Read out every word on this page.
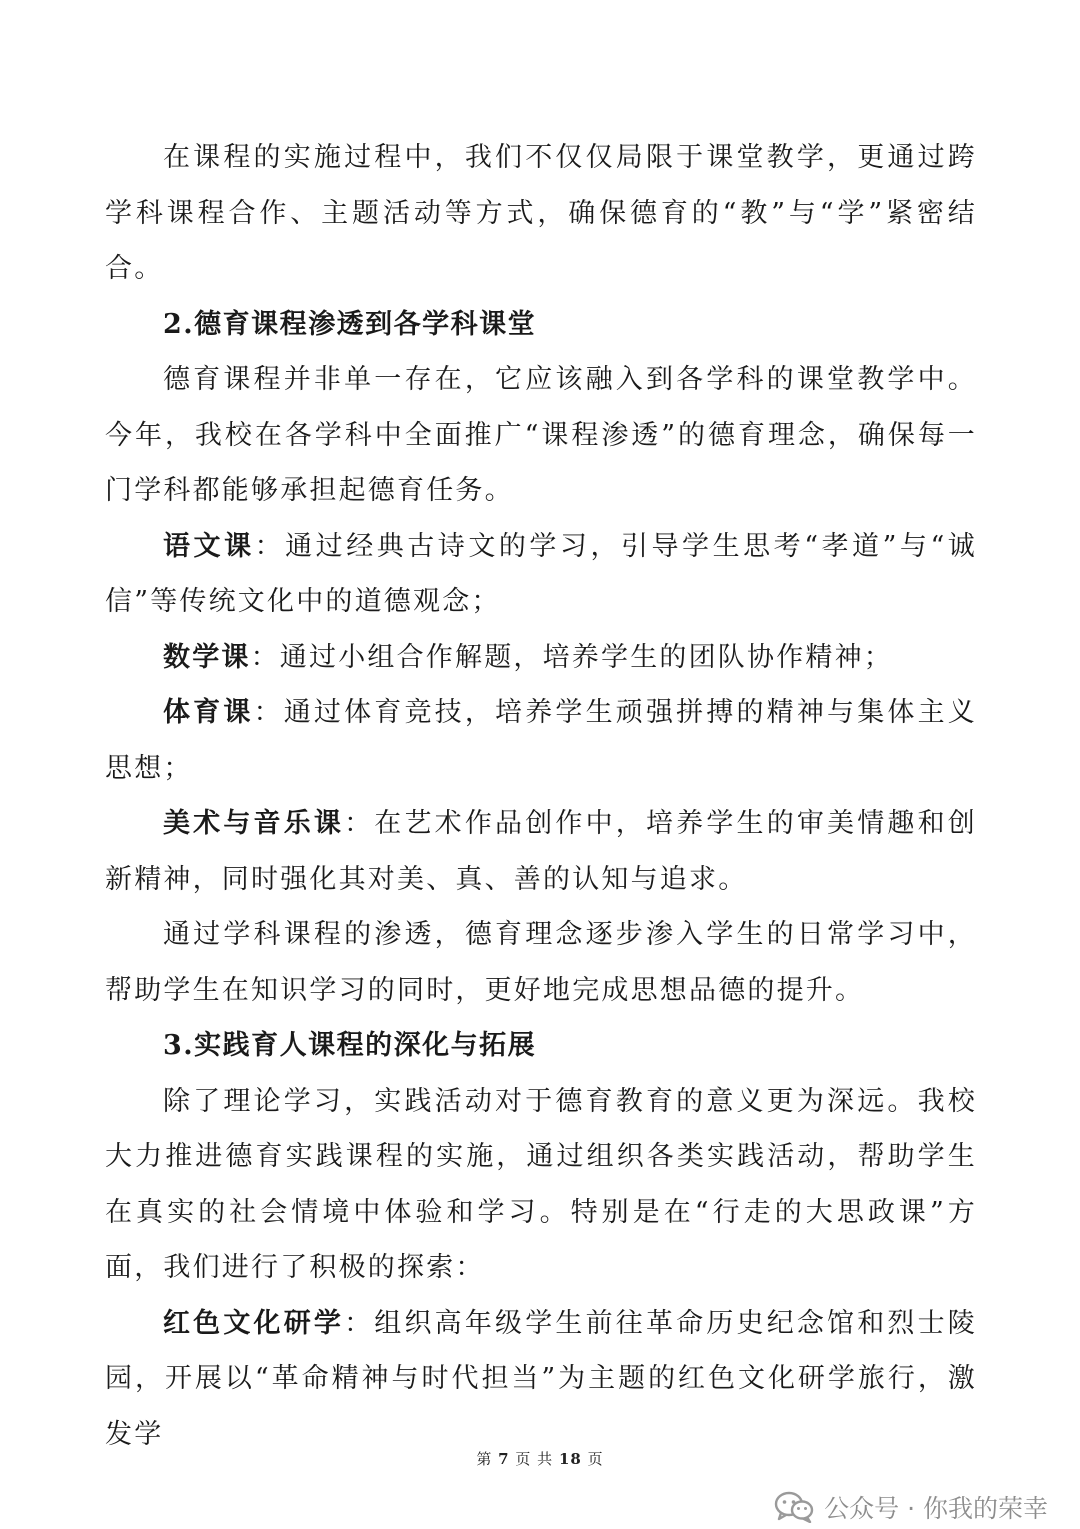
在课程的实施过程中，我们不仅仅局限于课堂教学，更通过跨学科课程合作、主题活动等方式，确保德育的“教”与“学”紧密结合。

2.德育课程渗透到各学科课堂

德育课程并非单一存在，它应该融入到各学科的课堂教学中。今年，我校在各学科中全面推广“课程渗透”的德育理念，确保每一门学科都能够承担起德育任务。

语文课：通过经典古诗文的学习，引导学生思考“孝道”与“诚信”等传统文化中的道德观念；

数学课：通过小组合作解题，培养学生的团队协作精神；

体育课：通过体育竞技，培养学生顽强拼搏的精神与集体主义思想；

美术与音乐课：在艺术作品创作中，培养学生的审美情趣和创新精神，同时强化其对美、真、善的认知与追求。

通过学科课程的渗透，德育理念逐步渗入学生的日常学习中，帮助学生在知识学习的同时，更好地完成思想品德的提升。

3.实践育人课程的深化与拓展

除了理论学习，实践活动对于德育教育的意义更为深远。我校大力推进德育实践课程的实施，通过组织各类实践活动，帮助学生在真实的社会情境中体验和学习。特别是在“行走的大思政课”方面，我们进行了积极的探索：

红色文化研学：组织高年级学生前往革命历史纪念馆和烈士陵园，开展以“革命精神与时代担当”为主题的红色文化研学旅行，激发学

第 7 页 共 18 页
公众号 · 你我的荣幸
